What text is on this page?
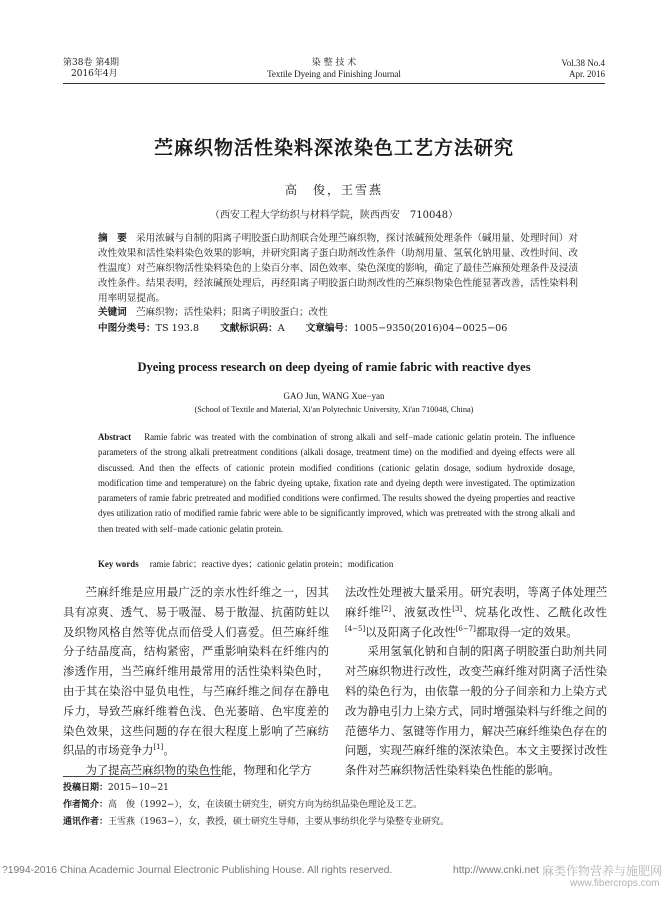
第38卷 第4期
2016年4月
染 整 技 术
Textile Dyeing and Finishing Journal
Vol.38 No.4
Apr. 2016
苎麻织物活性染料深浓染色工艺方法研究
高　俊，王雪燕
（西安工程大学纺织与材料学院，陕西西安　710048）
摘　要 采用浓碱与自制的阳离子明胶蛋白助剂联合处理苎麻织物，探讨浓碱预处理条件（碱用量、处理时间）对改性效果和活性染料染色效果的影响，并研究阳离子蛋白助剂改性条件（助剂用量、氢氧化钠用量、改性时间、改性温度）对苎麻织物活性染料染色的上染百分率、固色效率、染色深度的影响，确定了最佳苎麻预处理条件及浸渍改性条件。结果表明，经浓碱预处理后，再经阳离子明胶蛋白助剂改性的苎麻织物染色性能显著改善，活性染料利用率明显提高。
关键词 苎麻织物；活性染料；阳离子明胶蛋白；改性
中图分类号：TS 193.8 文献标识码：A 文章编号：1005−9350(2016)04−0025−06
Dyeing process research on deep dyeing of ramie fabric with reactive dyes
GAO Jun, WANG Xue−yan
(School of Textile and Material, Xi'an Polytechnic University, Xi'an 710048, China)
Abstract Ramie fabric was treated with the combination of strong alkali and self−made cationic gelatin protein. The influence parameters of the strong alkali pretreatment conditions (alkali dosage, treatment time) on the modified and dyeing effects were all discussed. And then the effects of cationic protein modified conditions (cationic gelatin dosage, sodium hydroxide dosage, modification time and temperature) on the fabric dyeing uptake, fixation rate and dyeing depth were investigated. The optimization parameters of ramie fabric pretreated and modified conditions were confirmed. The results showed the dyeing properties and reactive dyes utilization ratio of modified ramie fabric were able to be significantly improved, which was pretreated with the strong alkali and then treated with self−made cationic gelatin protein.
Key words ramie fabric；reactive dyes；cationic gelatin protein；modification

苎麻纤维是应用最广泛的亲水性纤维之一，因其具有凉爽、透气、易于吸湿、易于散湿、抗菌防蛀以及织物风格自然等优点而倍受人们喜爱。但苎麻纤维分子结晶度高，结构紧密，严重影响染料在纤维内的渗透作用，当苎麻纤维用最常用的活性染料染色时，由于其在染浴中显负电性，与苎麻纤维之间存在静电斥力，导致苎麻纤维着色浅、色光萎暗、色牢度差的染色效果，这些问题的存在很大程度上影响了苎麻纺织品的市场竞争力[1]。

为了提高苎麻织物的染色性能，物理和化学方

法改性处理被大量采用。研究表明，等离子体处理苎麻纤维[2]、液氨改性[3]、烷基化改性、乙酰化改性[4−5]以及阳离子化改性[6−7]都取得一定的效果。

采用氢氧化钠和自制的阳离子明胶蛋白助剂共同对苎麻织物进行改性，改变苎麻纤维对阴离子活性染料的染色行为，由依靠一般的分子间亲和力上染方式改为静电引力上染方式，同时增强染料与纤维之间的范德华力、氢键等作用力，解决苎麻纤维染色存在的问题，实现苎麻纤维的深浓染色。本文主要探讨改性条件对苎麻织物活性染料染色性能的影响。

投稿日期：2015−10−21
作者简介：高　俊（1992−），女，在读硕士研究生，研究方向为纺织品染色理论及工艺。
通讯作者：王雪燕（1963−），女，教授，硕士研究生导师，主要从事纺织化学与染整专业研究。
?1994-2016 China Academic Journal Electronic Publishing House. All rights reserved.	http://www.cnki.net 麻类作物营养与施肥网
www.fibercrops.com
